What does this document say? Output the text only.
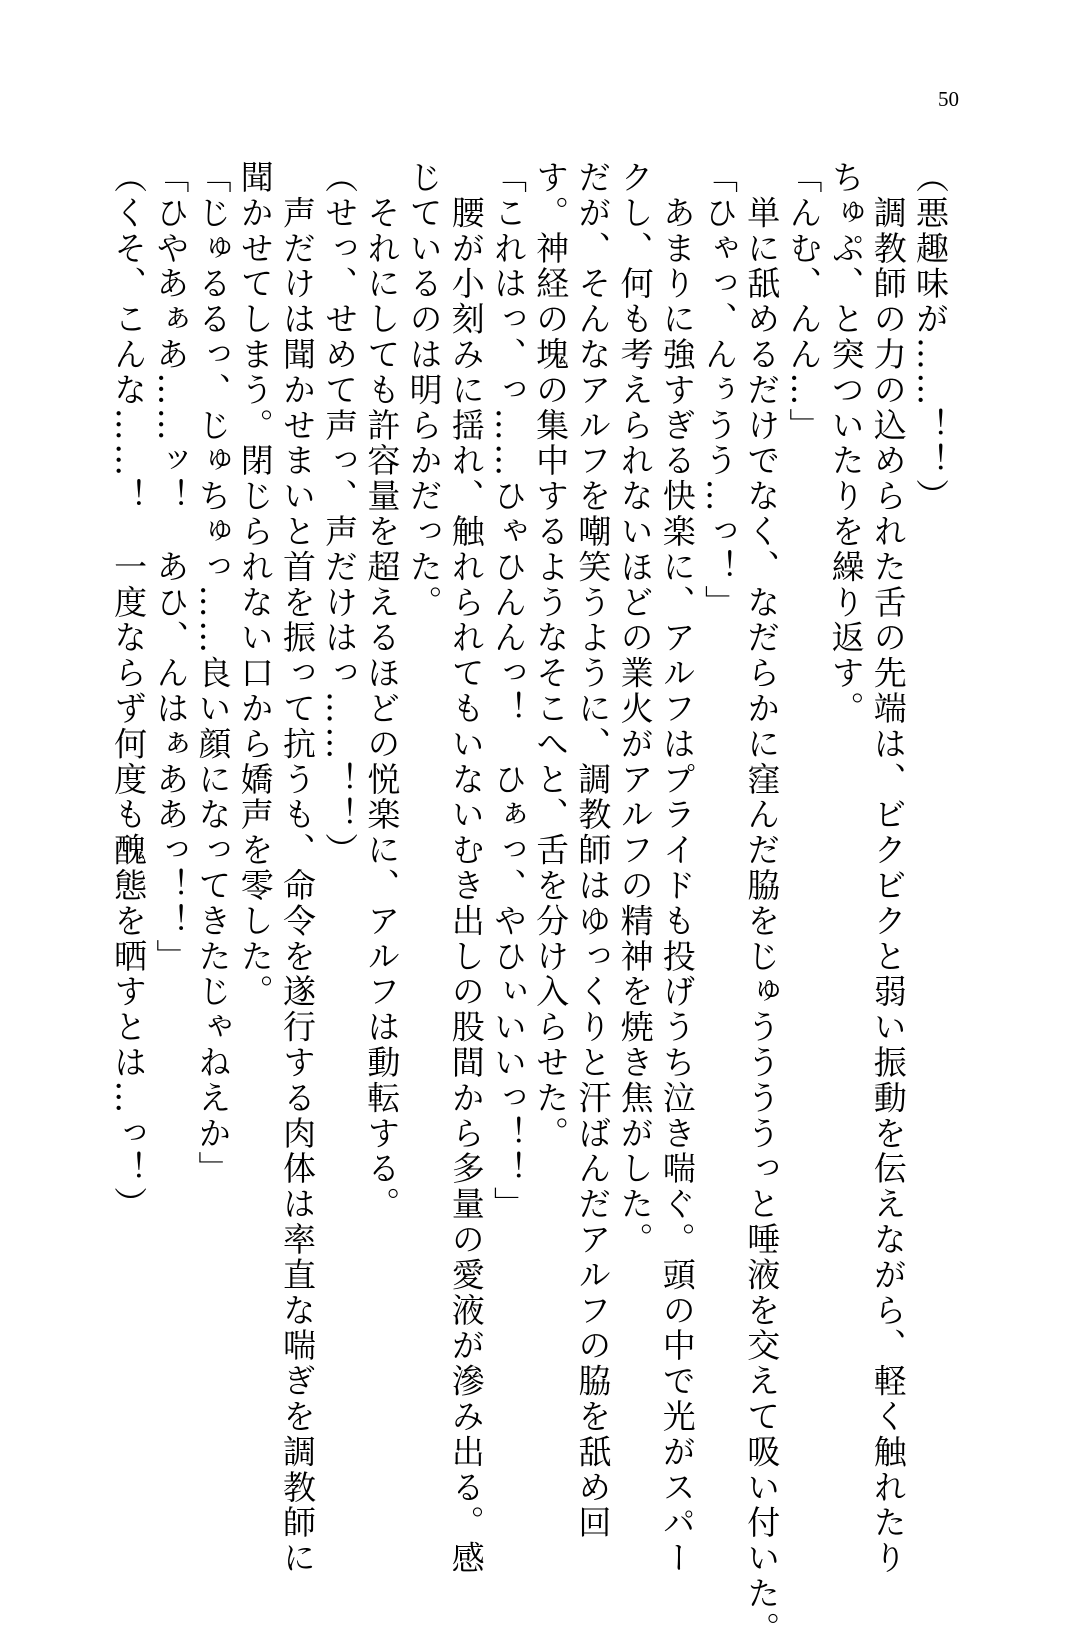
50
（悪趣味が……！！）
　調教師の力の込められた舌の先端は、ビクビクと弱い振動を伝えながら、軽く触れたり
ちゅぷ、と突ついたりを繰り返す。
「んむ、んん…」
　単に舐めるだけでなく、なだらかに窪んだ脇をじゅううううっと唾液を交えて吸い付いた。
「ひゃっ、んぅうう…っ！」
　あまりに強すぎる快楽に、アルフはプライドも投げうち泣き喘ぐ。頭の中で光がスパー
クし、何も考えられないほどの業火がアルフの精神を焼き焦がした。
だが、そんなアルフを嘲笑うように、調教師はゆっくりと汗ばんだアルフの脇を舐め回
す。神経の塊の集中するようなそこへと、舌を分け入らせた。
「これはっ、っ……ひゃひんんっ！　ひぁっ、やひぃいいっ！！」
　腰が小刻みに揺れ、触れられてもいないむき出しの股間から多量の愛液が滲み出る。感
じているのは明らかだった。
　それにしても許容量を超えるほどの悦楽に、アルフは動転する。
（せっ、せめて声っ、声だけはっ……！！）
　声だけは聞かせまいと首を振って抗うも、命令を遂行する肉体は率直な喘ぎを調教師に
聞かせてしまう。閉じられない口から嬌声を零した。
「じゅるるっ、じゅちゅっ……良い顔になってきたじゃねえか」
「ひやあぁあ……ッ！　あひ、んはぁああっ！！」
（くそ、こんな……！　一度ならず何度も醜態を晒すとは…っ！）
